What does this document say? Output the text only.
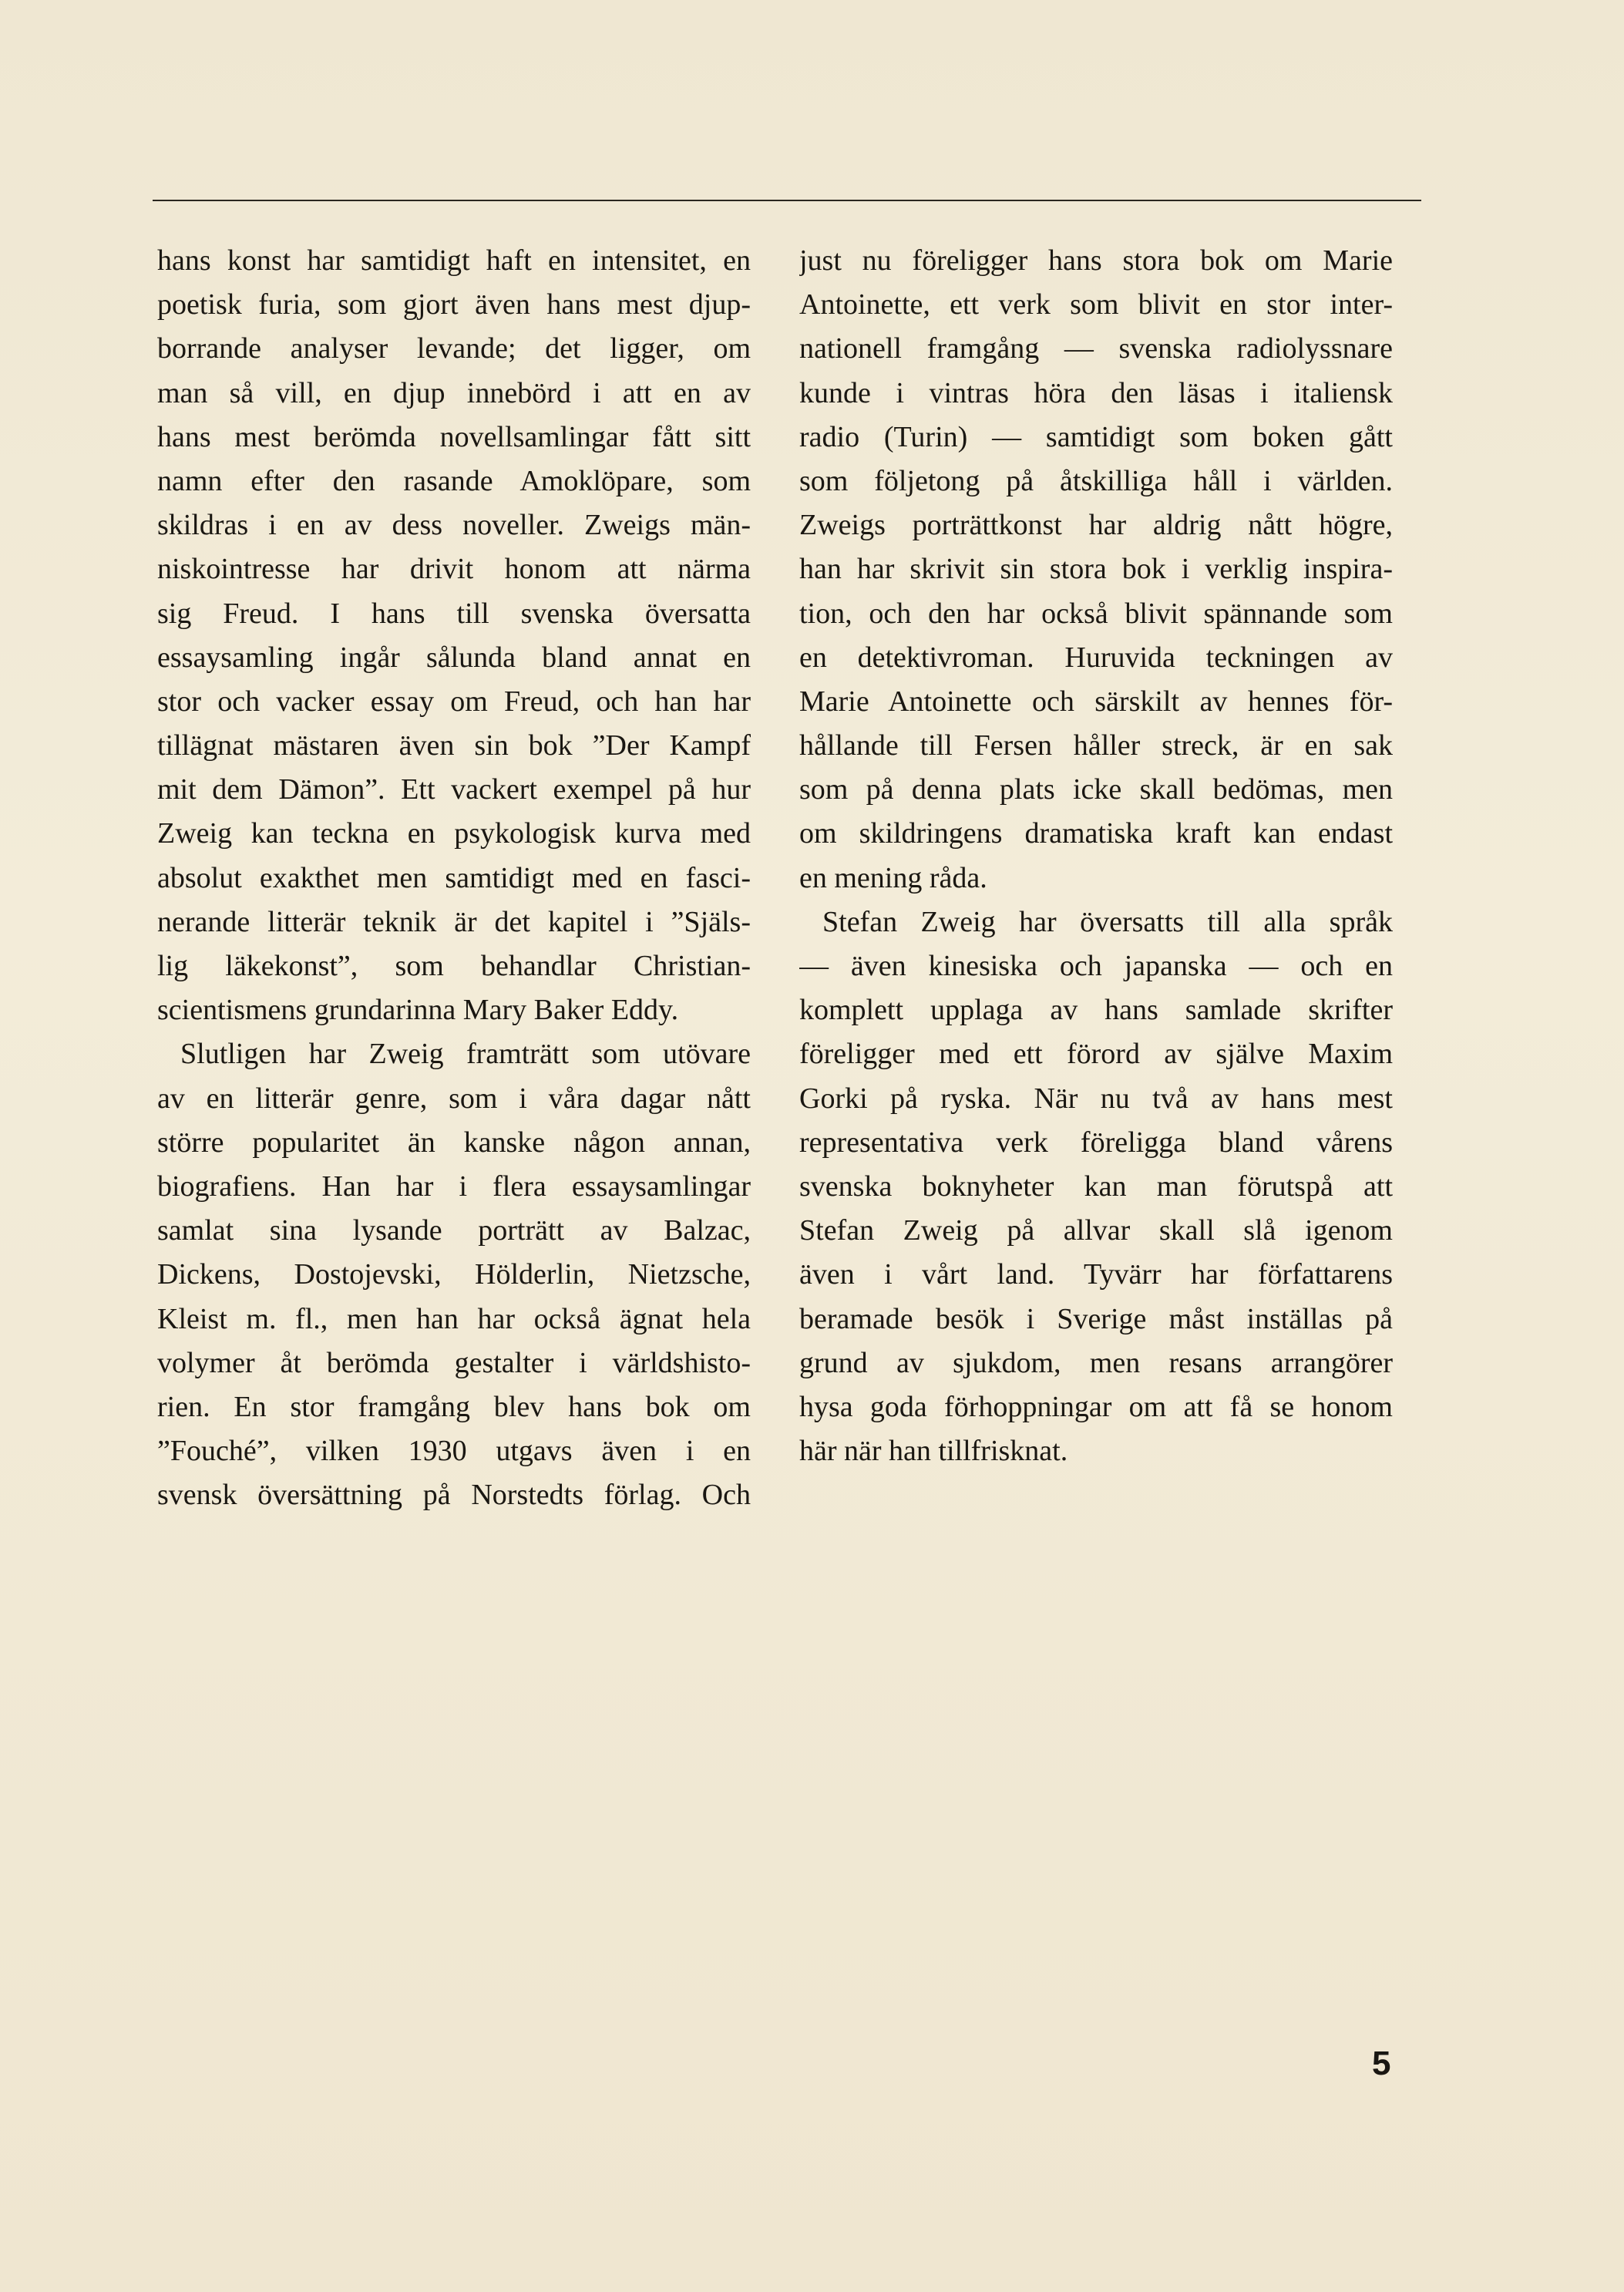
hans konst har samtidigt haft en intensitet, en
poetisk furia, som gjort även hans mest djup-
borrande analyser levande; det ligger, om
man så vill, en djup innebörd i att en av
hans mest berömda novellsamlingar fått sitt
namn efter den rasande Amoklöpare, som
skildras i en av dess noveller. Zweigs män-
niskointresse har drivit honom att närma
sig Freud. I hans till svenska översatta
essaysamling ingår sålunda bland annat en
stor och vacker essay om Freud, och han har
tillägnat mästaren även sin bok ”Der Kampf
mit dem Dämon”. Ett vackert exempel på hur
Zweig kan teckna en psykologisk kurva med
absolut exakthet men samtidigt med en fasci-
nerande litterär teknik är det kapitel i ”Själs-
lig läkekonst”, som behandlar Christian-
scientismens grundarinna Mary Baker Eddy.
Slutligen har Zweig framträtt som utövare
av en litterär genre, som i våra dagar nått
större popularitet än kanske någon annan,
biografiens. Han har i flera essaysamlingar
samlat sina lysande porträtt av Balzac,
Dickens, Dostojevski, Hölderlin, Nietzsche,
Kleist m. fl., men han har också ägnat hela
volymer åt berömda gestalter i världshisto-
rien. En stor framgång blev hans bok om
”Fouché”, vilken 1930 utgavs även i en
svensk översättning på Norstedts förlag. Och
just nu föreligger hans stora bok om Marie
Antoinette, ett verk som blivit en stor inter-
nationell framgång — svenska radiolyssnare
kunde i vintras höra den läsas i italiensk
radio (Turin) — samtidigt som boken gått
som följetong på åtskilliga håll i världen.
Zweigs porträttkonst har aldrig nått högre,
han har skrivit sin stora bok i verklig inspira-
tion, och den har också blivit spännande som
en detektivroman. Huruvida teckningen av
Marie Antoinette och särskilt av hennes för-
hållande till Fersen håller streck, är en sak
som på denna plats icke skall bedömas, men
om skildringens dramatiska kraft kan endast
en mening råda.
Stefan Zweig har översatts till alla språk
— även kinesiska och japanska — och en
komplett upplaga av hans samlade skrifter
föreligger med ett förord av själve Maxim
Gorki på ryska. När nu två av hans mest
representativa verk föreligga bland vårens
svenska boknyheter kan man förutspå att
Stefan Zweig på allvar skall slå igenom
även i vårt land. Tyvärr har författarens
beramade besök i Sverige måst inställas på
grund av sjukdom, men resans arrangörer
hysa goda förhoppningar om att få se honom
här när han tillfrisknat.
5
